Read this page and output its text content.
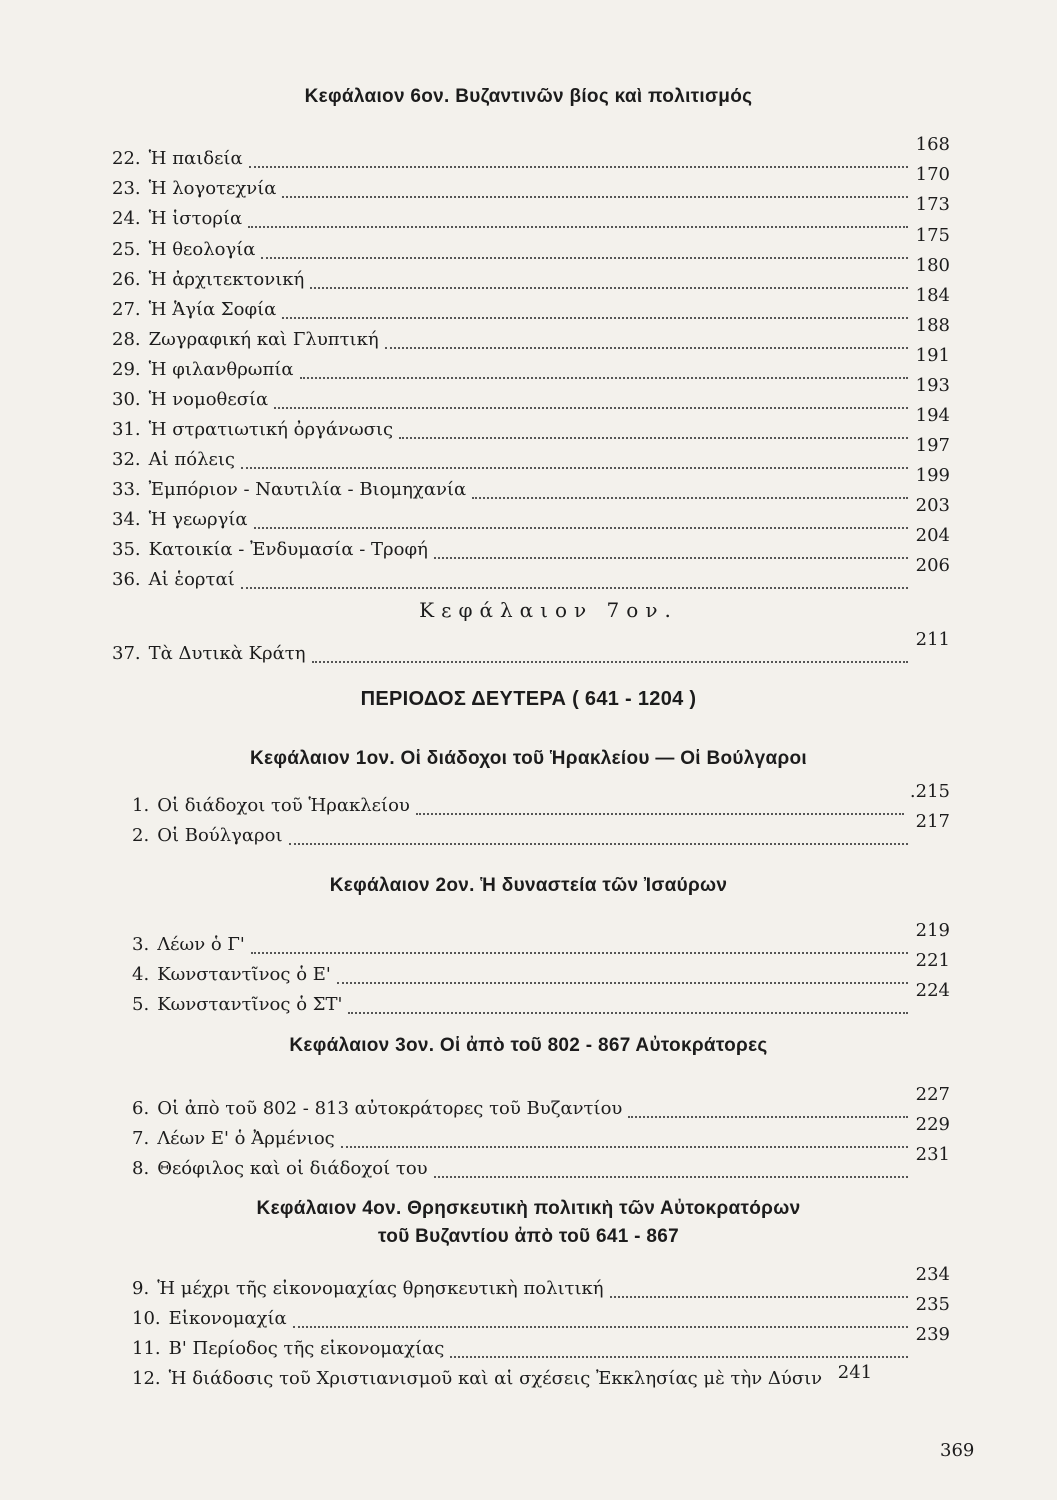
Κεφάλαιον 6ον. Βυζαντινῶν βίος καὶ πολιτισμός
22. Ἡ παιδεία
168
23. Ἡ λογοτεχνία
170
24. Ἡ ἱστορία
173
25. Ἡ θεολογία
175
26. Ἡ ἀρχιτεκτονική
180
27. Ἡ Ἁγία Σοφία
184
28. Ζωγραφική καὶ Γλυπτική
188
29. Ἡ φιλανθρωπία
191
30. Ἡ νομοθεσία
193
31. Ἡ στρατιωτική ὀργάνωσις
194
32. Αἱ πόλεις
197
33. Ἐμπόριον - Ναυτιλία - Βιομηχανία
199
34. Ἡ γεωργία
203
35. Κατοικία - Ἐνδυμασία - Τροφή
204
36. Αἱ ἑορταί
206
Κεφάλαιον 7ον.
37. Τὰ Δυτικὰ Κράτη
211
ΠΕΡΙΟΔΟΣ ΔΕΥΤΕΡΑ ( 641 - 1204 )
Κεφάλαιον 1ον. Οἱ διάδοχοι τοῦ Ἡρακλείου — Οἱ Βούλγαροι
1. Οἱ διάδοχοι τοῦ Ἡρακλείου
.215
2. Οἱ Βούλγαροι
217
Κεφάλαιον 2ον. Ἡ δυναστεία τῶν Ἰσαύρων
3. Λέων ὁ Γ'
219
4. Κωνσταντῖνος ὁ Ε'
221
5. Κωνσταντῖνος ὁ ΣΤ'
224
Κεφάλαιον 3ον. Οἱ ἀπὸ τοῦ 802 - 867 Αὐτοκράτορες
6. Οἱ ἀπὸ τοῦ 802 - 813 αὐτοκράτορες τοῦ Βυζαντίου
227
7. Λέων Ε' ὁ Ἀρμένιος
229
8. Θεόφιλος καὶ οἱ διάδοχοί του
231
Κεφάλαιον 4ον. Θρησκευτικὴ πολιτικὴ τῶν Αὐτοκρατόρων
τοῦ Βυζαντίου ἀπὸ τοῦ 641 - 867
9. Ἡ μέχρι τῆς εἰκονομαχίας θρησκευτικὴ πολιτική
234
10. Εἰκονομαχία
235
11. Β' Περίοδος τῆς εἰκονομαχίας
239
12. Ἡ διάδοσις τοῦ Χριστιανισμοῦ καὶ αἱ σχέσεις Ἐκκλησίας μὲ τὴν Δύσιν 241
369
